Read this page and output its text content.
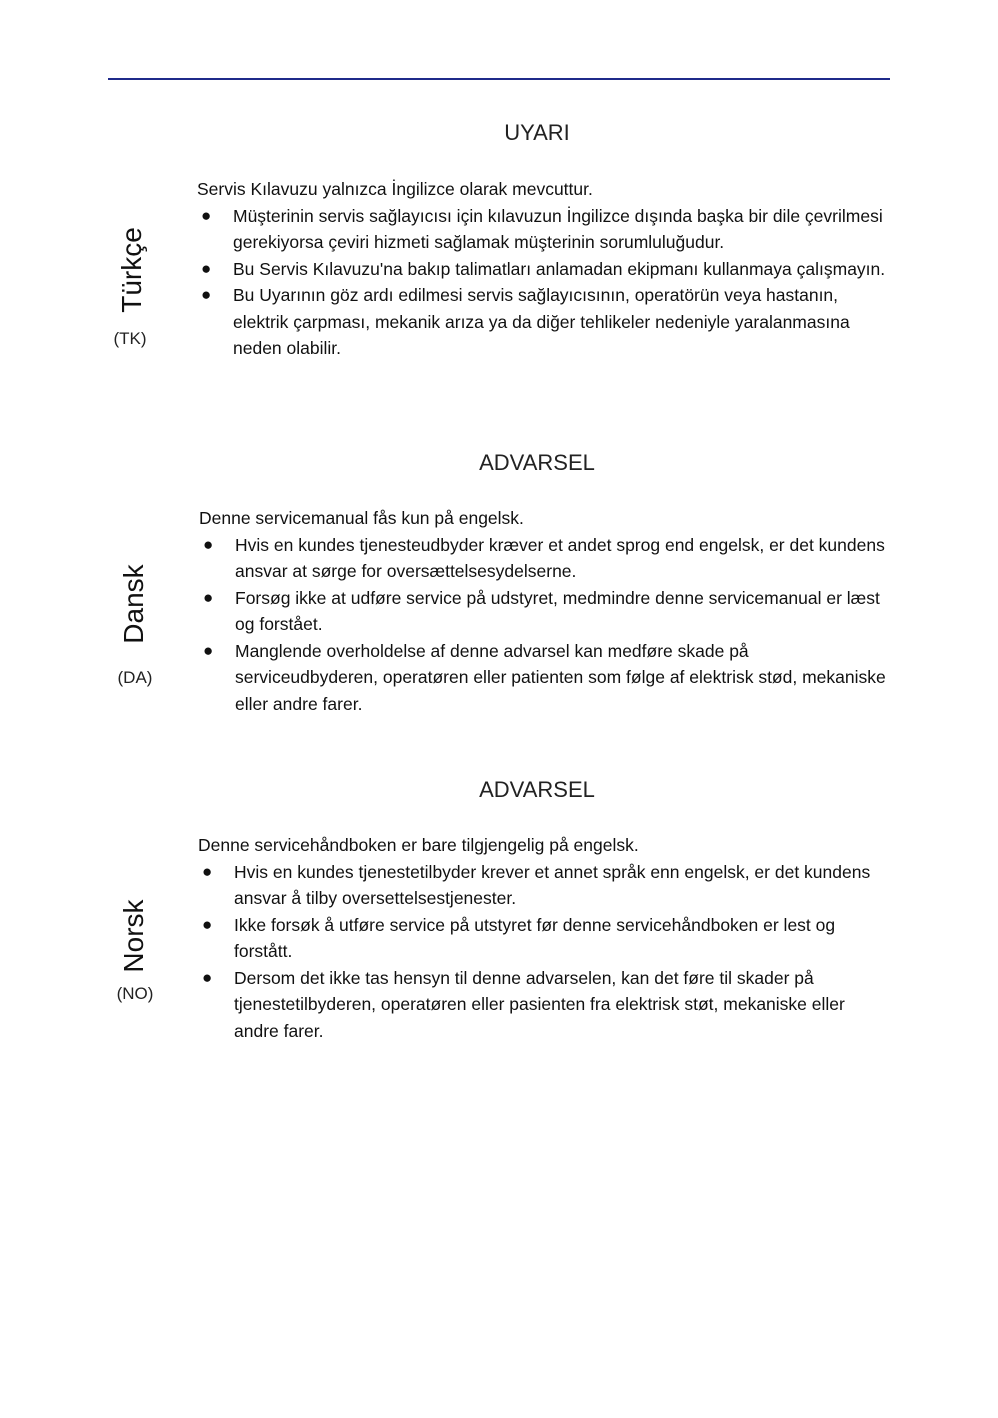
UYARI
Türkçe
(TK)

Servis Kılavuzu yalnızca İngilizce olarak mevcuttur.

● Müşterinin servis sağlayıcısı için kılavuzun İngilizce dışında başka bir dile çevrilmesi gerekiyorsa çeviri hizmeti sağlamak müşterinin sorumluluğudur.
● Bu Servis Kılavuzu'na bakıp talimatları anlamadan ekipmanı kullanmaya çalışmayın.
● Bu Uyarının göz ardı edilmesi servis sağlayıcısının, operatörün veya hastanın, elektrik çarpması, mekanik arıza ya da diğer tehlikeler nedeniyle yaralanmasına neden olabilir.
ADVARSEL
Dansk
(DA)

Denne servicemanual fås kun på engelsk.

● Hvis en kundes tjenesteudbyder kræver et andet sprog end engelsk, er det kundens ansvar at sørge for oversættelsesydelserne.
● Forsøg ikke at udføre service på udstyret, medmindre denne servicemanual er læst og forstået.
● Manglende overholdelse af denne advarsel kan medføre skade på serviceudbyderen, operatøren eller patienten som følge af elektrisk stød, mekaniske eller andre farer.
ADVARSEL
Norsk
(NO)

Denne servicehåndboken er bare tilgjengelig på engelsk.

● Hvis en kundes tjenestetilbyder krever et annet språk enn engelsk, er det kundens ansvar å tilby oversettelsestjenester.
● Ikke forsøk å utføre service på utstyret før denne servicehåndboken er lest og forstått.
● Dersom det ikke tas hensyn til denne advarselen, kan det føre til skader på tjenestetilbyderen, operatøren eller pasienten fra elektrisk støt, mekaniske eller andre farer.
